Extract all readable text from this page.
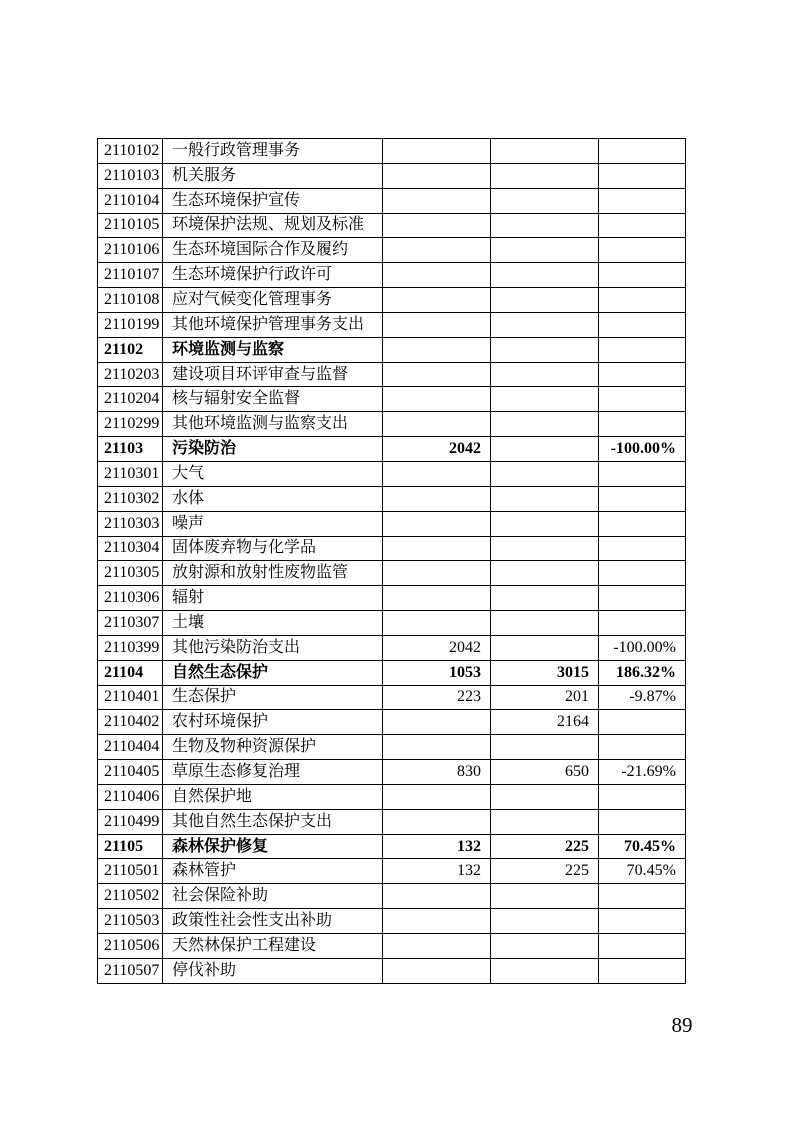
2110102	一般行政管理事务			
2110103	机关服务			
2110104	生态环境保护宣传			
2110105	环境保护法规、规划及标准			
2110106	生态环境国际合作及履约			
2110107	生态环境保护行政许可			
2110108	应对气候变化管理事务			
2110199	其他环境保护管理事务支出			
21102	环境监测与监察			
2110203	建设项目环评审查与监督			
2110204	核与辐射安全监督			
2110299	其他环境监测与监察支出			
21103	污染防治	2042		-100.00%
2110301	大气			
2110302	水体			
2110303	噪声			
2110304	固体废弃物与化学品			
2110305	放射源和放射性废物监管			
2110306	辐射			
2110307	土壤			
2110399	其他污染防治支出	2042		-100.00%
21104	自然生态保护	1053	3015	186.32%
2110401	生态保护	223	201	-9.87%
2110402	农村环境保护		2164	
2110404	生物及物种资源保护			
2110405	草原生态修复治理	830	650	-21.69%
2110406	自然保护地			
2110499	其他自然生态保护支出			
21105	森林保护修复	132	225	70.45%
2110501	森林管护	132	225	70.45%
2110502	社会保险补助			
2110503	政策性社会性支出补助			
2110506	天然林保护工程建设			
2110507	停伐补助			
89
